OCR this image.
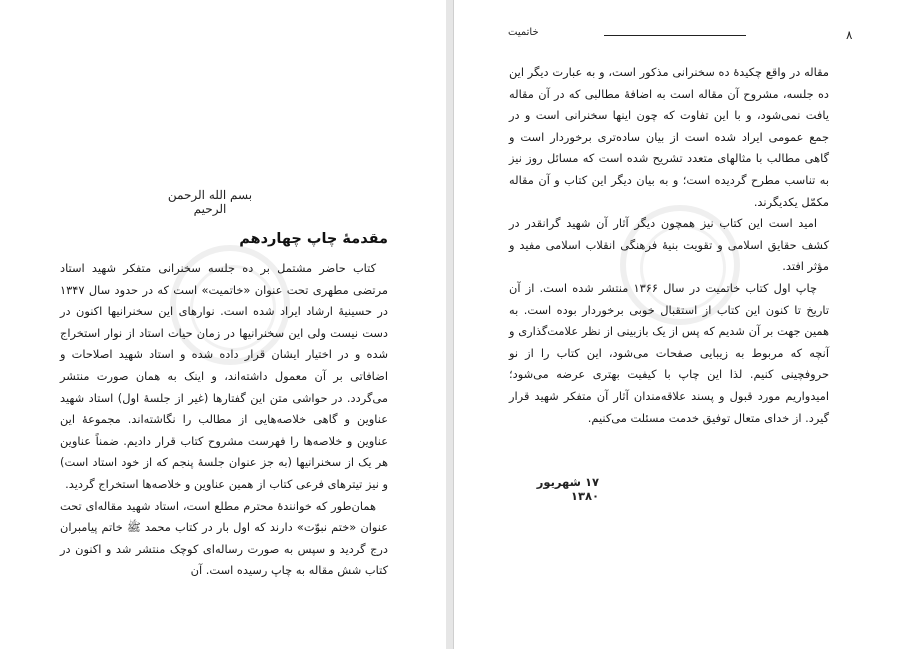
بسم الله الرحمن الرحیم
مقدمهٔ چاپ چهاردهم

کتاب حاضر مشتمل بر ده جلسه سخنرانی متفکر شهید استاد مرتضی مطهری تحت عنوان «خاتمیت» است که در حدود سال ۱۳۴۷ در حسینیهٔ ارشاد ایراد شده است. نوارهای این سخنرانیها اکنون در دست نیست ولی این سخنرانیها در زمان حیات استاد از نوار استخراج شده و در اختیار ایشان قرار داده شده و استاد شهید اصلاحات و اضافاتی بر آن معمول داشته‌اند، و اینک به همان صورت منتشر می‌گردد. در حواشی متن این گفتارها (غیر از جلسهٔ اول) استاد شهید عناوین و گاهی خلاصه‌هایی از مطالب را نگاشته‌اند. مجموعهٔ این عناوین و خلاصه‌ها را فهرست مشروح کتاب قرار دادیم. ضمناً عناوین هر یک از سخنرانیها (به جز عنوان جلسهٔ پنجم که از خود استاد است) و نیز تیترهای فرعی کتاب از همین عناوین و خلاصه‌ها استخراج گردید.

همان‌طور که خوانندهٔ محترم مطلع است، استاد شهید مقاله‌ای تحت عنوان «ختم نبوّت» دارند که اول بار در کتاب محمد ﷺ خاتم پیامبران درج گردید و سپس به صورت رساله‌ای کوچک منتشر شد و اکنون در کتاب شش مقاله به چاپ رسیده است. آن

۸
خاتمیت

مقاله در واقع چکیدهٔ ده سخنرانی مذکور است، و به عبارت دیگر این ده جلسه، مشروح آن مقاله است به اضافهٔ مطالبی که در آن مقاله یافت نمی‌شود، و با این تفاوت که چون اینها سخنرانی است و در جمع عمومی ایراد شده است از بیان ساده‌تری برخوردار است و گاهی مطالب با مثالهای متعدد تشریح شده است که مسائل روز نیز به تناسب مطرح گردیده است؛ و به بیان دیگر این کتاب و آن مقاله مکمّل یکدیگرند.

امید است این کتاب نیز همچون دیگر آثار آن شهید گرانقدر در کشف حقایق اسلامی و تقویت بنیهٔ فرهنگی انقلاب اسلامی مفید و مؤثر افتد.

چاپ اول کتاب خاتمیت در سال ۱۳۶۶ منتشر شده است. از آن تاریخ تا کنون این کتاب از استقبال خوبی برخوردار بوده است. به همین جهت بر آن شدیم که پس از یک بازبینی از نظر علامت‌گذاری و آنچه که مربوط به زیبایی صفحات می‌شود، این کتاب را از نو حروفچینی کنیم. لذا این چاپ با کیفیت بهتری عرضه می‌شود؛ امیدواریم مورد قبول و پسند علاقه‌مندان آثار آن متفکر شهید قرار گیرد. از خدای متعال توفیق خدمت مسئلت می‌کنیم.

۱۷ شهریور ۱۳۸۰
